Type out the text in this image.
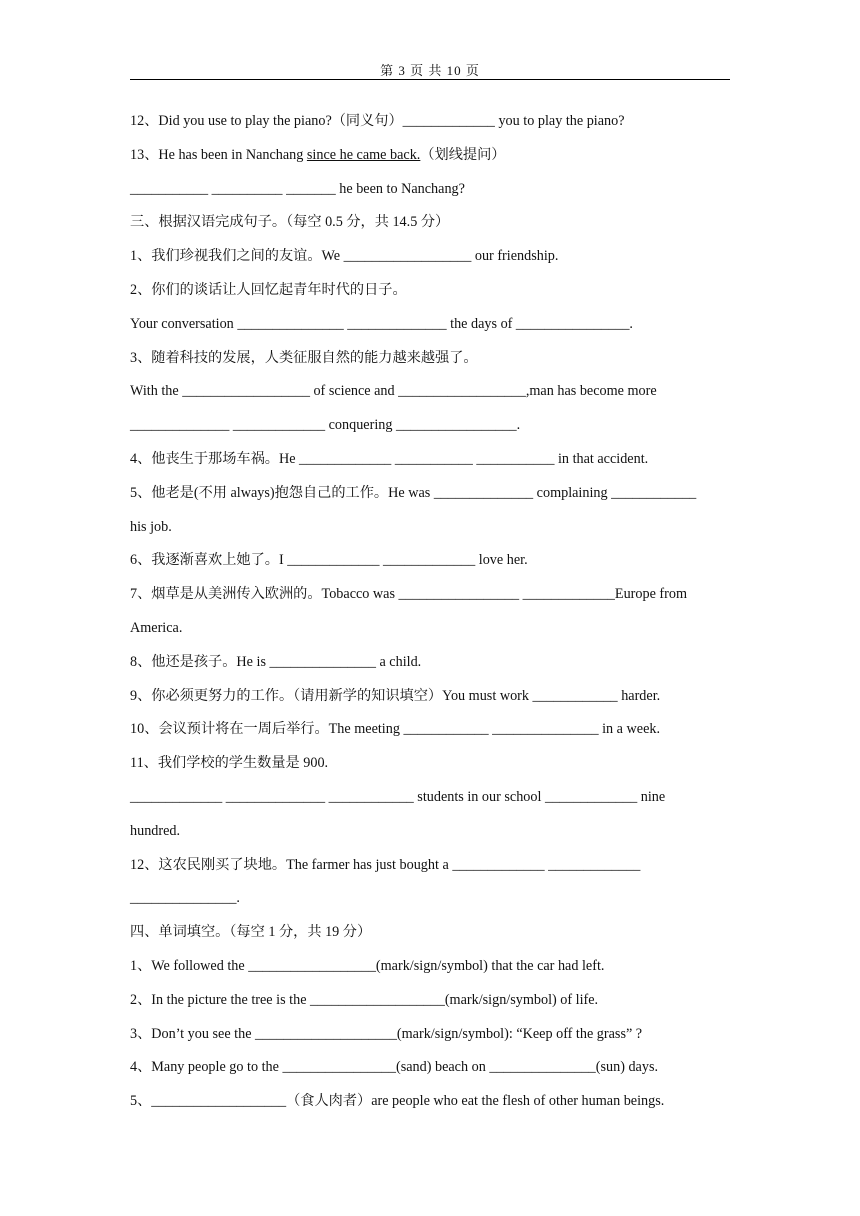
第 3 页 共 10 页
12、Did you use to play the piano?（同义句）_____________ you to play the piano?
13、He has been in Nanchang since he came back.（划线提问）
___________ __________ _______ he been to Nanchang?
三、根据汉语完成句子。（每空 0.5 分，共 14.5 分）
1、我们珍视我们之间的友谊。We __________________ our friendship.
2、你们的谈话让人回忆起青年时代的日子。
Your conversation _______________ ______________ the days of ________________.
3、随着科技的发展，人类征服自然的能力越来越强了。
With the __________________ of science and __________________,man has become more
______________ _____________ conquering _________________.
4、他丧生于那场车祸。He _____________ ___________ ___________ in that accident.
5、他老是(不用 always)抱怨自己的工作。He was ______________ complaining ____________
his job.
6、我逐渐喜欢上她了。I _____________ _____________ love her.
7、烟草是从美洲传入欧洲的。Tobacco was _________________ _____________Europe from
America.
8、他还是孩子。He is _______________ a child.
9、你必须更努力的工作。（请用新学的知识填空）You must work ____________ harder.
10、会议预计将在一周后举行。The meeting ____________ _______________ in a week.
11、我们学校的学生数量是 900.
_____________ ______________ ____________ students in our school _____________ nine
hundred.
12、这农民刚买了块地。The farmer has just bought a _____________ _____________
_______________.
四、单词填空。（每空 1 分，共 19 分）
1、We followed the __________________(mark/sign/symbol) that the car had left.
2、In the picture the tree is the ___________________(mark/sign/symbol) of life.
3、Don’t you see the ____________________(mark/sign/symbol): “Keep off the grass” ?
4、Many people go to the ________________(sand) beach on _______________(sun) days.
5、___________________（食人肉者）are people who eat the flesh of other human beings.
